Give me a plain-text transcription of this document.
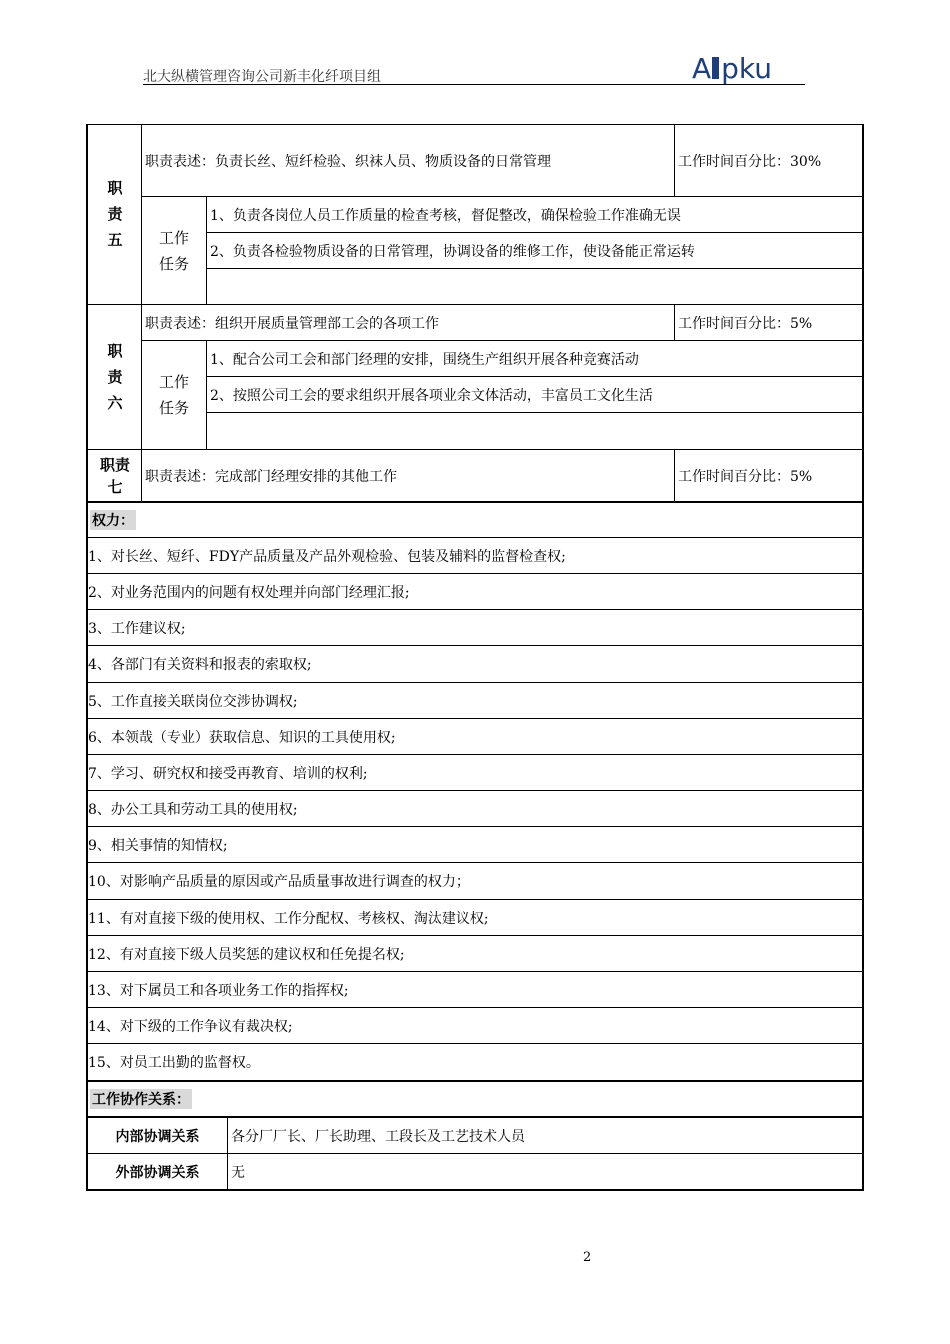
北大纵横管理咨询公司新丰化纤项目组	A pku
职责五
职责表述：负责长丝、短纤检验、织袜人员、物质设备的日常管理	工作时间百分比：30%
工作任务
1、负责各岗位人员工作质量的检查考核，督促整改，确保检验工作准确无误
2、负责各检验物质设备的日常管理，协调设备的维修工作，使设备能正常运转
职责六
职责表述：组织开展质量管理部工会的各项工作	工作时间百分比：5%
工作任务
1、配合公司工会和部门经理的安排，围绕生产组织开展各种竞赛活动
2、按照公司工会的要求组织开展各项业余文体活动，丰富员工文化生活
职责七
职责表述：完成部门经理安排的其他工作	工作时间百分比：5%
权力：
1、对长丝、短纤、FDY产品质量及产品外观检验、包装及辅料的监督检查权;
2、对业务范围内的问题有权处理并向部门经理汇报;
3、工作建议权;
4、各部门有关资料和报表的索取权;
5、工作直接关联岗位交涉协调权;
6、本领哉（专业）获取信息、知识的工具使用权;
7、学习、研究权和接受再教育、培训的权利;
8、办公工具和劳动工具的使用权;
9、相关事情的知情权;
10、对影响产品质量的原因或产品质量事故进行调查的权力；
11、有对直接下级的使用权、工作分配权、考核权、淘汰建议权;
12、有对直接下级人员奖惩的建议权和任免提名权;
13、对下属员工和各项业务工作的指挥权;
14、对下级的工作争议有裁决权;
15、对员工出勤的监督权。
工作协作关系：
内部协调关系	各分厂厂长、厂长助理、工段长及工艺技术人员
外部协调关系	无
2
